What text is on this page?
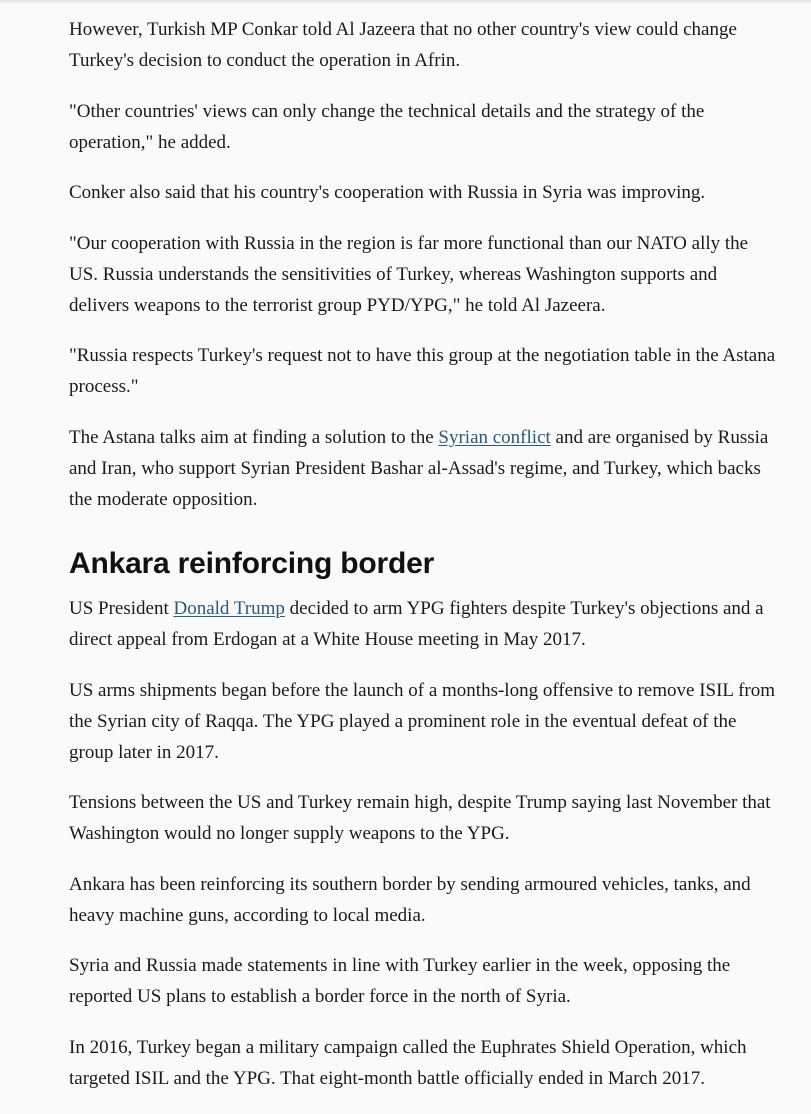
However, Turkish MP Conkar told Al Jazeera that no other country's view could change Turkey's decision to conduct the operation in Afrin.

"Other countries' views can only change the technical details and the strategy of the operation," he added.

Conker also said that his country's cooperation with Russia in Syria was improving.

"Our cooperation with Russia in the region is far more functional than our NATO ally the US. Russia understands the sensitivities of Turkey, whereas Washington supports and delivers weapons to the terrorist group PYD/YPG," he told Al Jazeera.

"Russia respects Turkey's request not to have this group at the negotiation table in the Astana process."

The Astana talks aim at finding a solution to the Syrian conflict and are organised by Russia and Iran, who support Syrian President Bashar al-Assad's regime, and Turkey, which backs the moderate opposition.

Ankara reinforcing border

US President Donald Trump decided to arm YPG fighters despite Turkey's objections and a direct appeal from Erdogan at a White House meeting in May 2017.

US arms shipments began before the launch of a months-long offensive to remove ISIL from the Syrian city of Raqqa. The YPG played a prominent role in the eventual defeat of the group later in 2017.

Tensions between the US and Turkey remain high, despite Trump saying last November that Washington would no longer supply weapons to the YPG.

Ankara has been reinforcing its southern border by sending armoured vehicles, tanks, and heavy machine guns, according to local media.

Syria and Russia made statements in line with Turkey earlier in the week, opposing the reported US plans to establish a border force in the north of Syria.

In 2016, Turkey began a military campaign called the Euphrates Shield Operation, which targeted ISIL and the YPG. That eight-month battle officially ended in March 2017.
